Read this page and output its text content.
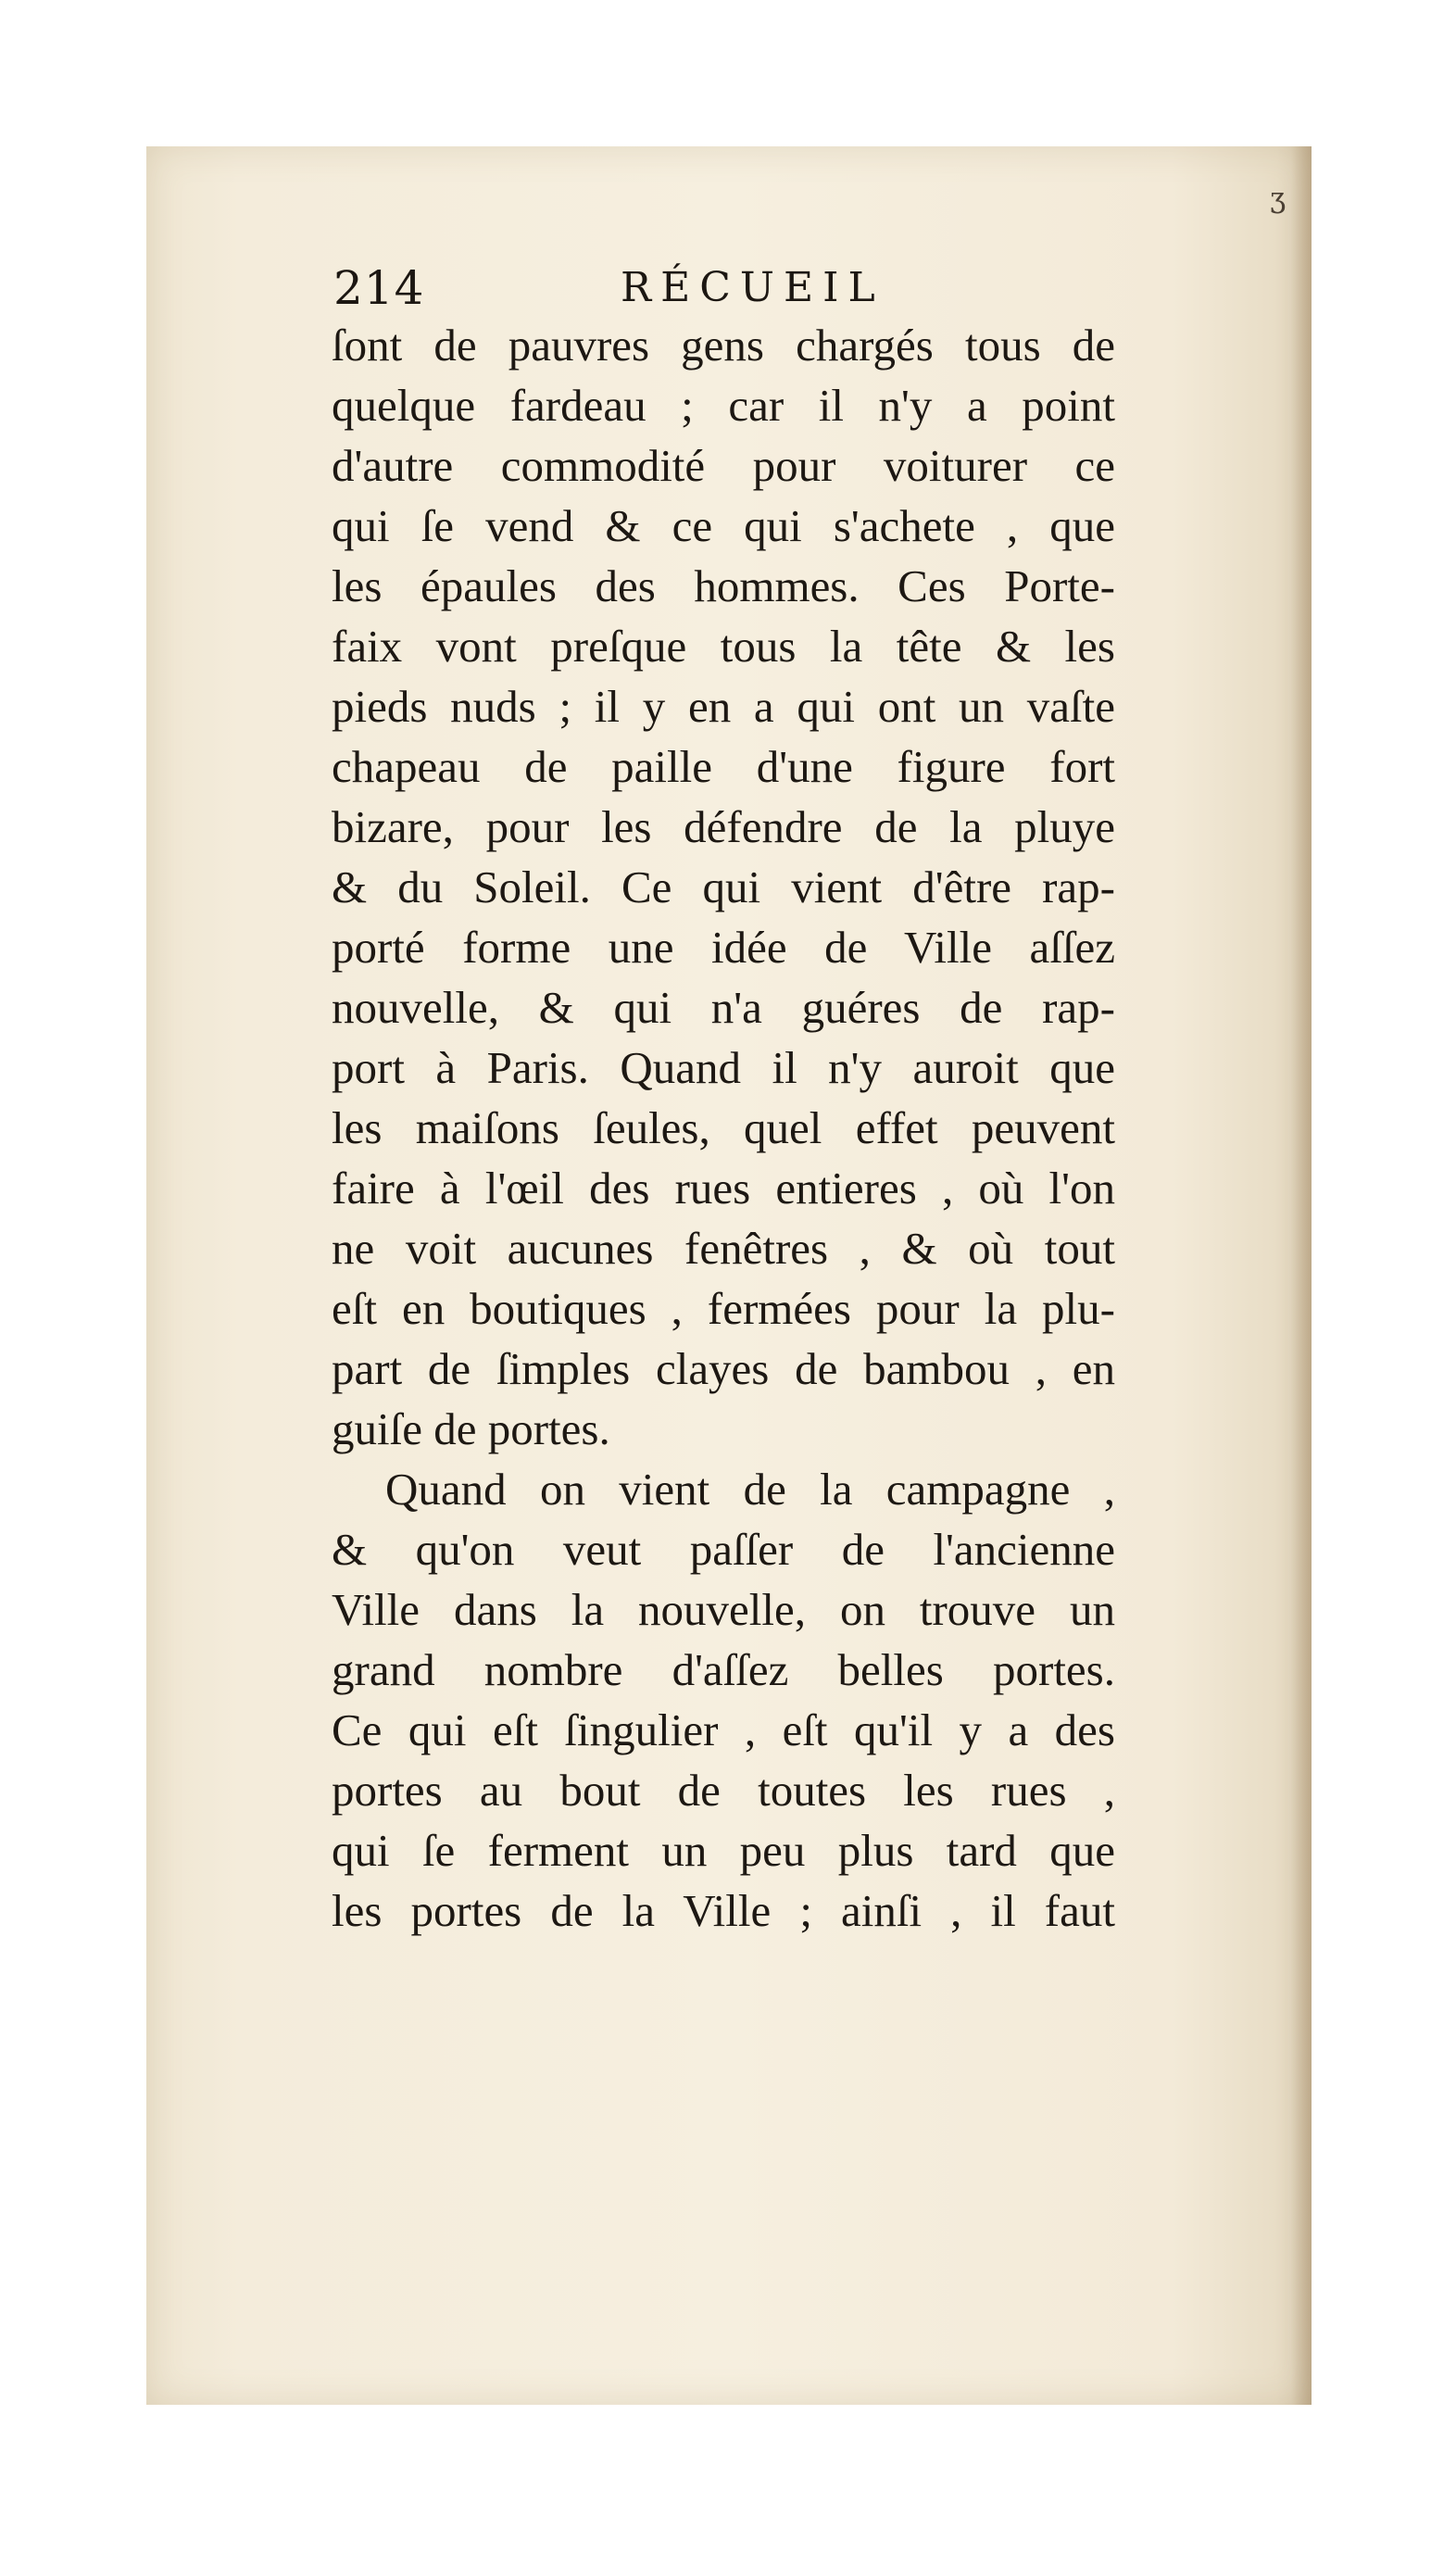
ʒ
214	RÉCUEIL
ſont de pauvres gens chargés tous de
quelque fardeau ; car il n'y a point
d'autre commodité pour voiturer ce
qui ſe vend & ce qui s'achete , que
les épaules des hommes. Ces Porte-
faix vont preſque tous la tête & les
pieds nuds ; il y en a qui ont un vaſte
chapeau de paille d'une figure fort
bizare, pour les défendre de la pluye
& du Soleil. Ce qui vient d'être rap-
porté forme une idée de Ville aſſez
nouvelle, & qui n'a guéres de rap-
port à Paris. Quand il n'y auroit que
les maiſons ſeules, quel effet peuvent
faire à l'œil des rues entieres , où l'on
ne voit aucunes fenêtres , & où tout
eſt en boutiques , fermées pour la plu-
part de ſimples clayes de bambou , en
guiſe de portes.
Quand on vient de la campagne ,
& qu'on veut paſſer de l'ancienne
Ville dans la nouvelle, on trouve un
grand nombre d'aſſez belles portes.
Ce qui eſt ſingulier , eſt qu'il y a des
portes au bout de toutes les rues ,
qui ſe ferment un peu plus tard que
les portes de la Ville ; ainſi , il faut
